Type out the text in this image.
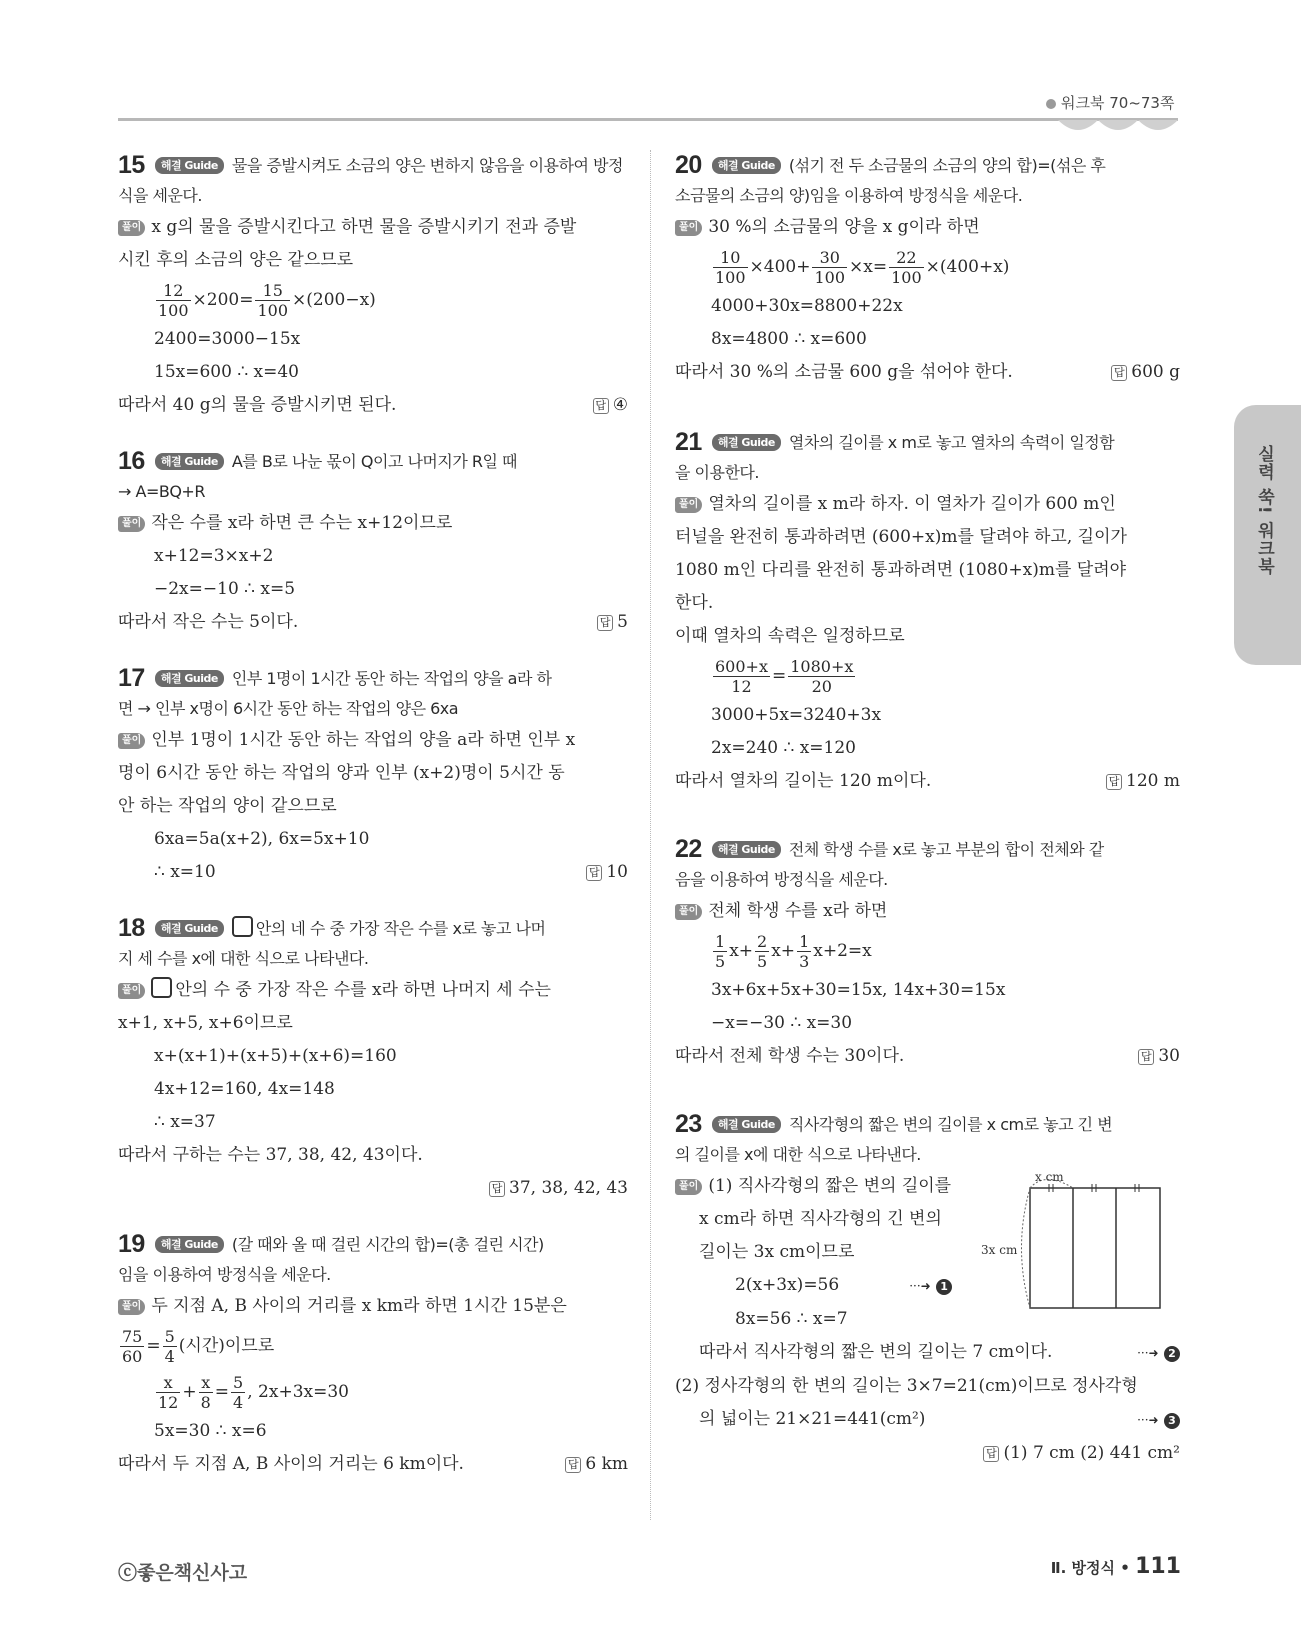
워크북 70~73쪽
실력 쑥! 워크북
15 해결 Guide 물을 증발시켜도 소금의 양은 변하지 않음을 이용하여 방정식을 세운다.
풀이 x g의 물을 증발시킨다고 하면 물을 증발시키기 전과 증발
시킨 후의 소금의 양은 같으므로
$\frac{12}{100} \times 200= \frac{15}{100} \times(200-x)$
2400=3000−15x
15x=600 ∴ x=40
따라서 40 g의 물을 증발시키면 된다.	답 ④
16 해결 Guide A를 B로 나눈 몫이 Q이고 나머지가 R일 때
→ A=BQ+R
풀이 작은 수를 x라 하면 큰 수는 x+12이므로
x+12=3×x+2
−2x=−10 ∴ x=5
따라서 작은 수는 5이다.	답 5
17 해결 Guide 인부 1명이 1시간 동안 하는 작업의 양을 a라 하
면 → 인부 x명이 6시간 동안 하는 작업의 양은 6xa
풀이 인부 1명이 1시간 동안 하는 작업의 양을 a라 하면 인부 x
명이 6시간 동안 하는 작업의 양과 인부 (x+2)명이 5시간 동
안 하는 작업의 양이 같으므로
6xa=5a(x+2), 6x=5x+10
∴ x=10	답 10
18 해결 Guide 안의 네 수 중 가장 작은 수를 x로 놓고 나머
지 세 수를 x에 대한 식으로 나타낸다.
풀이 안의 수 중 가장 작은 수를 x라 하면 나머지 세 수는
x+1, x+5, x+6이므로
x+(x+1)+(x+5)+(x+6)=160
4x+12=160, 4x=148
∴ x=37
따라서 구하는 수는 37, 38, 42, 43이다.
답 37, 38, 42, 43
19 해결 Guide (갈 때와 올 때 걸린 시간의 합)=(총 걸린 시간)
임을 이용하여 방정식을 세운다.
풀이 두 지점 A, B 사이의 거리를 x km라 하면 1시간 15분은
$\frac{75}{60} = \frac{5}{4}$ (시간)이므로
$\frac{x}{12} + \frac{x}{8} = \frac{5}{4}$ , 2x+3x=30
5x=30 ∴ x=6
따라서 두 지점 A, B 사이의 거리는 6 km이다.	답 6 km
20 해결 Guide (섞기 전 두 소금물의 소금의 양의 합)=(섞은 후
소금물의 소금의 양)임을 이용하여 방정식을 세운다.
풀이 30 %의 소금물의 양을 x g이라 하면
$\frac{10}{100} \times 400+ \frac{30}{100} \times x= \frac{22}{100} \times(400+x)$
4000+30x=8800+22x
8x=4800 ∴ x=600
따라서 30 %의 소금물 600 g을 섞어야 한다.	답 600 g
21 해결 Guide 열차의 길이를 x m로 놓고 열차의 속력이 일정함
을 이용한다.
풀이 열차의 길이를 x m라 하자. 이 열차가 길이가 600 m인
터널을 완전히 통과하려면 (600+x)m를 달려야 하고, 길이가
1080 m인 다리를 완전히 통과하려면 (1080+x)m를 달려야
한다.
이때 열차의 속력은 일정하므로
$\frac{600+x}{12} = \frac{1080+x}{20}$
3000+5x=3240+3x
2x=240 ∴ x=120
따라서 열차의 길이는 120 m이다.	답 120 m
22 해결 Guide 전체 학생 수를 x로 놓고 부분의 합이 전체와 같
음을 이용하여 방정식을 세운다.
풀이 전체 학생 수를 x라 하면
$\frac{1}{5} x+ \frac{2}{5} x+ \frac{1}{3} x+2=x$
3x+6x+5x+30=15x, 14x+30=15x
−x=−30 ∴ x=30
따라서 전체 학생 수는 30이다.	답 30
23 해결 Guide 직사각형의 짧은 변의 길이를 x cm로 놓고 긴 변
의 길이를 x에 대한 식으로 나타낸다.
풀이 (1) 직사각형의 짧은 변의 길이를
x cm라 하면 직사각형의 긴 변의
길이는 3x cm이므로
2(x+3x)=56	···➜ 1
8x=56 ∴ x=7
따라서 직사각형의 짧은 변의 길이는 7 cm이다.	···➜ 2
(2) 정사각형의 한 변의 길이는 3×7=21(cm)이므로 정사각형
의 넓이는 21×21=441(cm²)	···➜ 3
답 (1) 7 cm (2) 441 cm²
x cm
3x cm
ⓒ좋은책신사고	Ⅱ. 방정식 • 111
